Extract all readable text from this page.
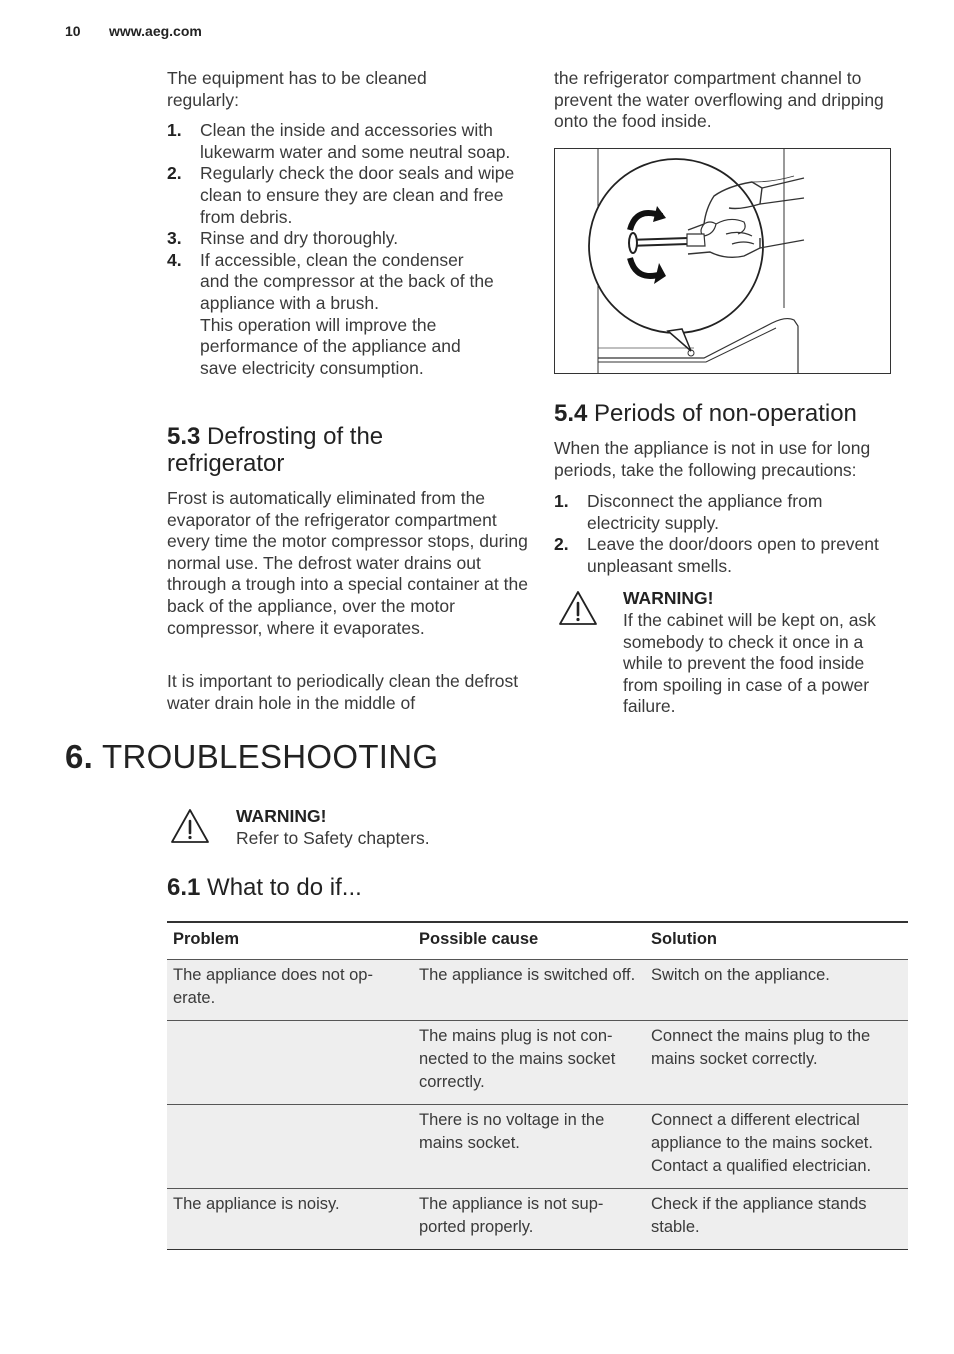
10 www.aeg.com

The equipment has to be cleaned regularly:

1. Clean the inside and accessories with lukewarm water and some neutral soap.
2. Regularly check the door seals and wipe clean to ensure they are clean and free from debris.
3. Rinse and dry thoroughly.
4. If accessible, clean the condenser and the compressor at the back of the appliance with a brush.
This operation will improve the performance of the appliance and save electricity consumption.
5.3 Defrosting of the refrigerator

Frost is automatically eliminated from the evaporator of the refrigerator compartment every time the motor compressor stops, during normal use. The defrost water drains out through a trough into a special container at the back of the appliance, over the motor compressor, where it evaporates.

It is important to periodically clean the defrost water drain hole in the middle of

the refrigerator compartment channel to prevent the water overflowing and dripping onto the food inside.

5.4 Periods of non-operation

When the appliance is not in use for long periods, take the following precautions:

1. Disconnect the appliance from electricity supply.
2. Leave the door/doors open to prevent unpleasant smells.
WARNING!

If the cabinet will be kept on, ask somebody to check it once in a while to prevent the food inside from spoiling in case of a power failure.

6. TROUBLESHOOTING
WARNING!

Refer to Safety chapters.

6.1 What to do if...
Problem	Possible cause	Solution
The appliance does not op-erate.	The appliance is switched off.	Switch on the appliance.
	The mains plug is not con-nected to the mains socket correctly.	Connect the mains plug to the mains socket correctly.
	There is no voltage in the mains socket.	Connect a different electrical appliance to the mains socket. Contact a qualified electrician.
The appliance is noisy.	The appliance is not sup-ported properly.	Check if the appliance stands stable.
